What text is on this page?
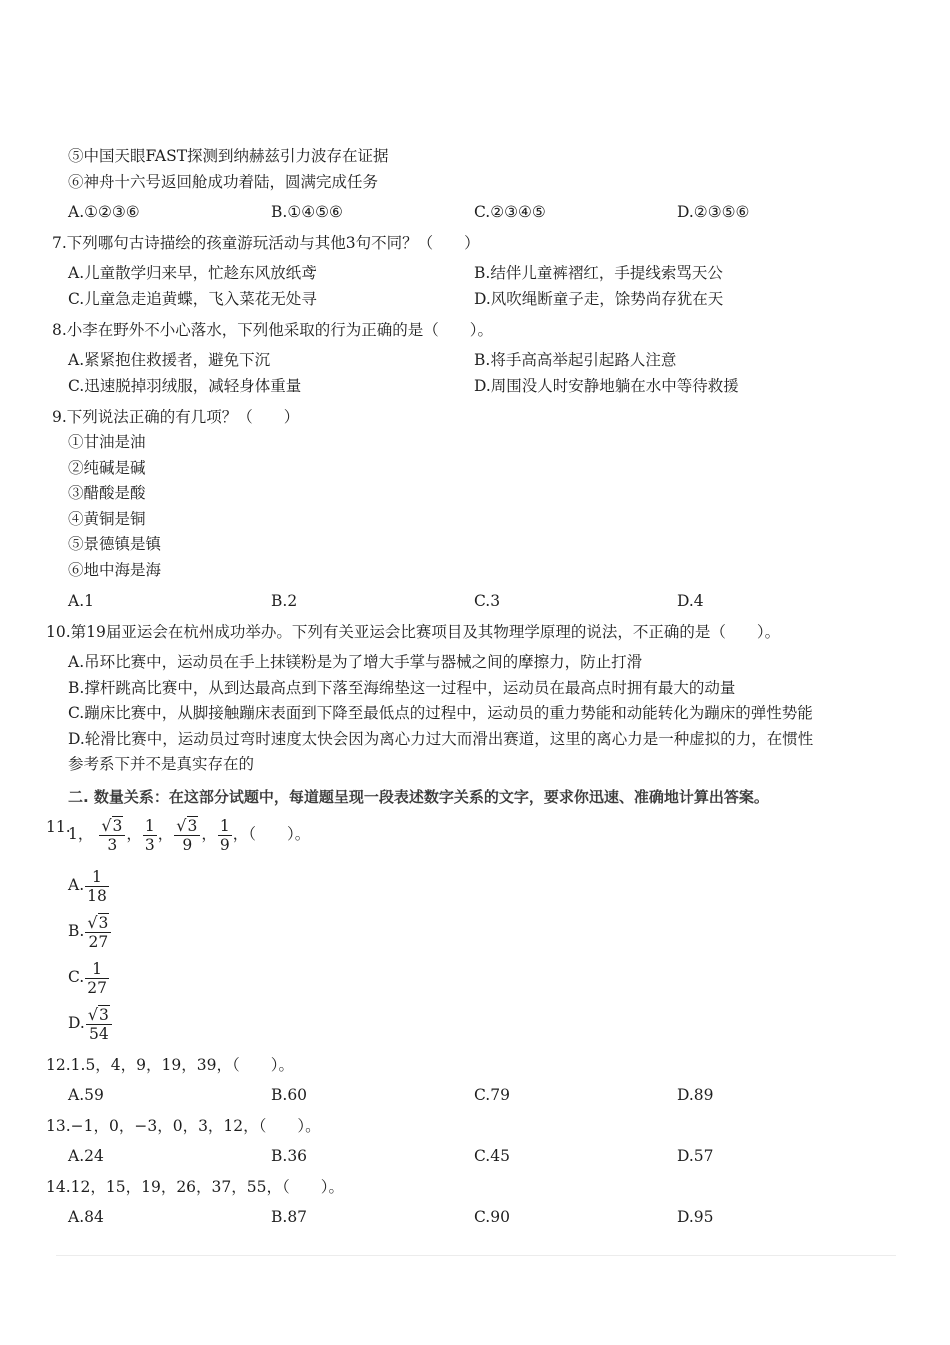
⑤中国天眼FAST探测到纳赫兹引力波存在证据
⑥神舟十六号返回舱成功着陆，圆满完成任务
A.①②③⑥	B.①④⑤⑥	C.②③④⑤	D.②③⑤⑥
7.下列哪句古诗描绘的孩童游玩活动与其他3句不同？（　　）
A.儿童散学归来早，忙趁东风放纸鸢	B.结伴儿童裤褶红，手提线索骂天公
C.儿童急走追黄蝶，飞入菜花无处寻	D.风吹绳断童子走，馀势尚存犹在天
8.小李在野外不小心落水，下列他采取的行为正确的是（　　）。
A.紧紧抱住救援者，避免下沉	B.将手高高举起引起路人注意
C.迅速脱掉羽绒服，减轻身体重量	D.周围没人时安静地躺在水中等待救援
9.下列说法正确的有几项？（　　）
①甘油是油
②纯碱是碱
③醋酸是酸
④黄铜是铜
⑤景德镇是镇
⑥地中海是海
A.1	B.2	C.3	D.4
10.第19届亚运会在杭州成功举办。下列有关亚运会比赛项目及其物理学原理的说法，不正确的是（　　）。
A.吊环比赛中，运动员在手上抹镁粉是为了增大手掌与器械之间的摩擦力，防止打滑
B.撑杆跳高比赛中，从到达最高点到下落至海绵垫这一过程中，运动员在最高点时拥有最大的动量
C.蹦床比赛中，从脚接触蹦床表面到下降至最低点的过程中，运动员的重力势能和动能转化为蹦床的弹性势能
D.轮滑比赛中，运动员过弯时速度太快会因为离心力过大而滑出赛道，这里的离心力是一种虚拟的力，在惯性
参考系下并不是真实存在的
二. 数量关系：在这部分试题中，每道题呈现一段表述数字关系的文字，要求你迅速、准确地计算出答案。
11.
1， $\frac{√3}{3}$ ， $\frac{1}{3}$ ， $\frac{√3}{9}$ ， $\frac{1}{9}$ ，（　　）。
A. $\frac{1}{18}$
B. $\frac{√3}{27}$
C. $\frac{1}{27}$
D. $\frac{√3}{54}$
12.1.5，4，9，19，39，（　　）。
A.59	B.60	C.79	D.89
13.−1，0，−3，0，3，12，（　　）。
A.24	B.36	C.45	D.57
14.12，15，19，26，37，55，（　　）。
A.84	B.87	C.90	D.95
